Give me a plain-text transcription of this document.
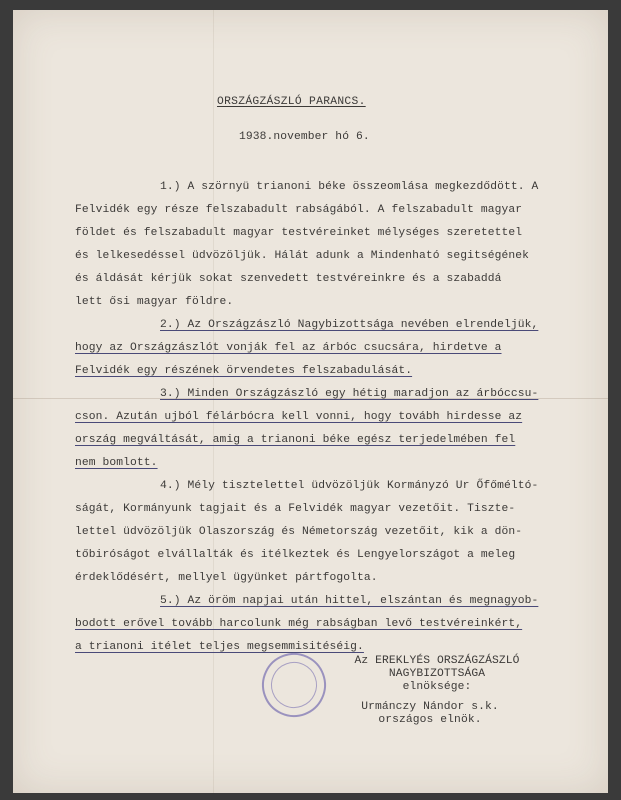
ORSZÁGZÁSZLÓ PARANCS.
1938.november hó 6.
1.) A szörnyü trianoni béke összeomlása megkezdődött. A
Felvidék egy része felszabadult rabságából. A felszabadult magyar
földet és felszabadult magyar testvéreinket mélységes szeretettel
és lelkesedéssel üdvözöljük. Hálát adunk a Mindenható segitségének
és áldását kérjük sokat szenvedett testvéreinkre és a szabaddá
lett ősi magyar földre.
2.) Az Országzászló Nagybizottsága nevében elrendeljük,
hogy az Országzászlót vonják fel az árbóc csucsára, hirdetve a
Felvidék egy részének örvendetes felszabadulását.
3.) Minden Országzászló egy hétig maradjon az árbóccsu-
cson. Azután ujból félárbócra kell vonni, hogy továbh hirdesse az
ország megváltását, amig a trianoni béke egész terjedelmében fel
nem bomlott.
4.) Mély tisztelettel üdvözöljük Kormányzó Ur Őfőméltó-
ságát, Kormányunk tagjait és a Felvidék magyar vezetőit. Tiszte-
lettel üdvözöljük Olaszország és Németország vezetőit, kik a dön-
tőbiróságot elvállalták és itélkeztek és Lengyelországot a meleg
érdeklődésért, mellyel ügyünket pártfogolta.
5.) Az öröm napjai után hittel, elszántan és megnagyob-
bodott erővel tovább harcolunk még rabságban levő testvéreinkért,
a trianoni itélet teljes megsemmisitéséig.
Az EREKLYÉS ORSZÁGZÁSZLÓ
NAGYBIZOTTSÁGA
elnöksége:
Urmánczy Nándor s.k.
országos elnök.
